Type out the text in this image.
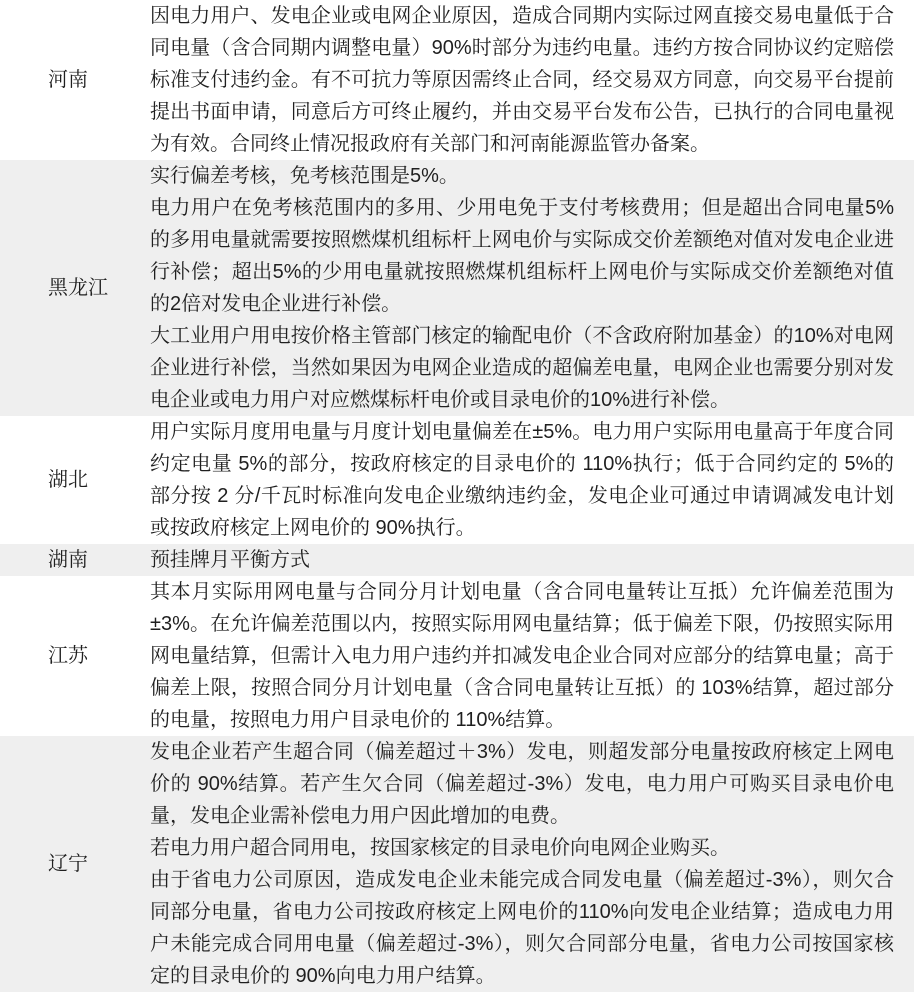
河南	因电力用户、发电企业或电网企业原因，造成合同期内实际过网直接交易电量低于合同电量（含合同期内调整电量）90%时部分为违约电量。违约方按合同协议约定赔偿标准支付违约金。有不可抗力等原因需终止合同，经交易双方同意，向交易平台提前提出书面申请，同意后方可终止履约，并由交易平台发布公告，已执行的合同电量视为有效。合同终止情况报政府有关部门和河南能源监管办备案。

黑龙江	实行偏差考核，免考核范围是5%。

电力用户在免考核范围内的多用、少用电免于支付考核费用；但是超出合同电量5%的多用电量就需要按照燃煤机组标杆上网电价与实际成交价差额绝对值对发电企业进行补偿；超出5%的少用电量就按照燃煤机组标杆上网电价与实际成交价差额绝对值的2倍对发电企业进行补偿。

大工业用户用电按价格主管部门核定的输配电价（不含政府附加基金）的10%对电网企业进行补偿，当然如果因为电网企业造成的超偏差电量，电网企业也需要分别对发电企业或电力用户对应燃煤标杆电价或目录电价的10%进行补偿。

湖北	用户实际月度用电量与月度计划电量偏差在±5%。电力用户实际用电量高于年度合同约定电量 5%的部分，按政府核定的目录电价的 110%执行；低于合同约定的 5%的部分按 2 分/千瓦时标准向发电企业缴纳违约金，发电企业可通过申请调减发电计划或按政府核定上网电价的 90%执行。

湖南	预挂牌月平衡方式

江苏	其本月实际用网电量与合同分月计划电量（含合同电量转让互抵）允许偏差范围为±3%。在允许偏差范围以内，按照实际用网电量结算；低于偏差下限，仍按照实际用网电量结算，但需计入电力用户违约并扣减发电企业合同对应部分的结算电量；高于偏差上限，按照合同分月计划电量（含合同电量转让互抵）的 103%结算，超过部分的电量，按照电力用户目录电价的 110%结算。

辽宁	发电企业若产生超合同（偏差超过＋3%）发电，则超发部分电量按政府核定上网电价的 90%结算。若产生欠合同（偏差超过-3%）发电，电力用户可购买目录电价电量，发电企业需补偿电力用户因此增加的电费。

若电力用户超合同用电，按国家核定的目录电价向电网企业购买。

由于省电力公司原因，造成发电企业未能完成合同发电量（偏差超过-3%），则欠合同部分电量，省电力公司按政府核定上网电价的110%向发电企业结算；造成电力用户未能完成合同用电量（偏差超过-3%），则欠合同部分电量，省电力公司按国家核定的目录电价的 90%向电力用户结算。
